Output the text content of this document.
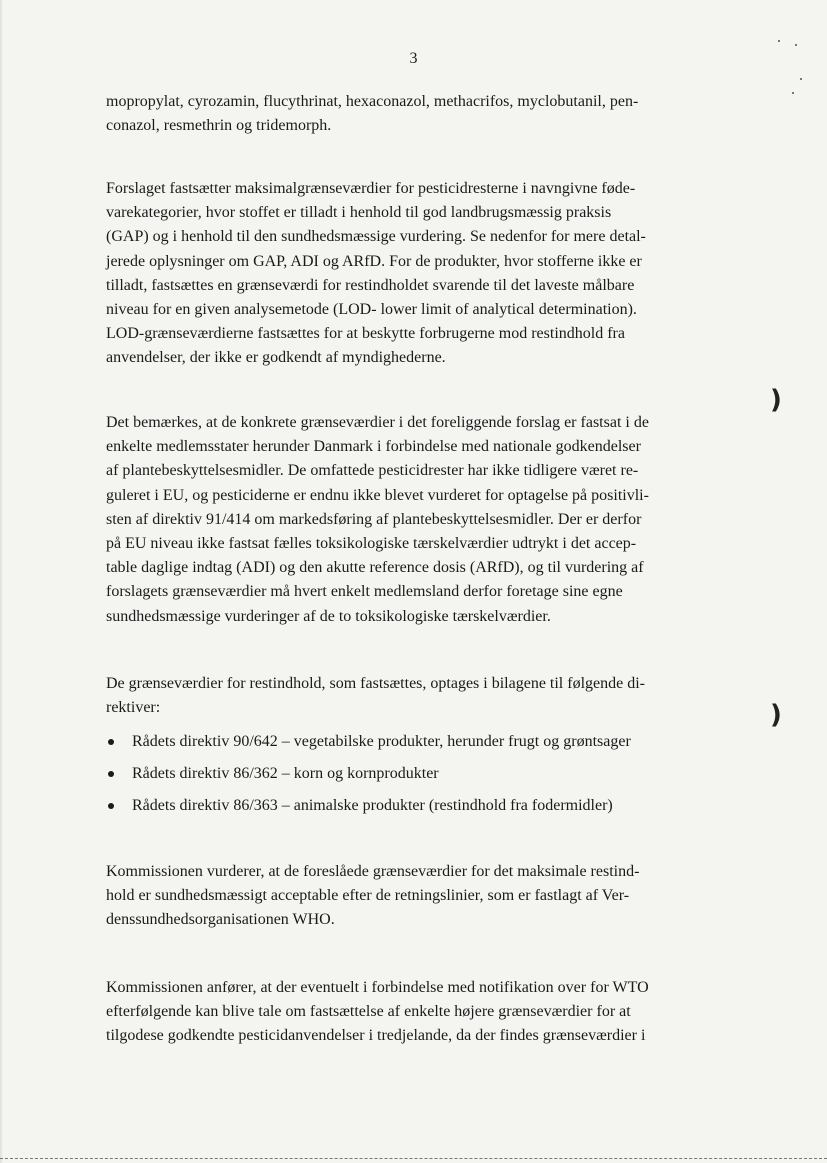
3

mopropylat, cyrozamin, flucythrinat, hexaconazol, methacrifos, myclobutanil, pen-
conazol, resmethrin og tridemorph.

Forslaget fastsætter maksimalgrænseværdier for pesticidresterne i navngivne føde-
varekategorier, hvor stoffet er tilladt i henhold til god landbrugsmæssig praksis
(GAP) og i henhold til den sundhedsmæssige vurdering. Se nedenfor for mere detal-
jerede oplysninger om GAP, ADI og ARfD. For de produkter, hvor stofferne ikke er
tilladt, fastsættes en grænseværdi for restindholdet svarende til det laveste målbare
niveau for en given analysemetode (LOD- lower limit of analytical determination).
LOD-grænseværdierne fastsættes for at beskytte forbrugerne mod restindhold fra
anvendelser, der ikke er godkendt af myndighederne.

Det bemærkes, at de konkrete grænseværdier i det foreliggende forslag er fastsat i de
enkelte medlemsstater herunder Danmark i forbindelse med nationale godkendelser
af plantebeskyttelsesmidler. De omfattede pesticidrester har ikke tidligere været re-
guleret i EU, og pesticiderne er endnu ikke blevet vurderet for optagelse på positivli-
sten af direktiv 91/414 om markedsføring af plantebeskyttelsesmidler. Der er derfor
på EU niveau ikke fastsat fælles toksikologiske tærskelværdier udtrykt i det accep-
table daglige indtag (ADI) og den akutte reference dosis (ARfD), og til vurdering af
forslagets grænseværdier må hvert enkelt medlemsland derfor foretage sine egne
sundhedsmæssige vurderinger af de to toksikologiske tærskelværdier.

De grænseværdier for restindhold, som fastsættes, optages i bilagene til følgende di-
rektiver:

Rådets direktiv 90/642 – vegetabilske produkter, herunder frugt og grøntsager
Rådets direktiv 86/362 – korn og kornprodukter
Rådets direktiv 86/363 – animalske produkter (restindhold fra fodermidler)

Kommissionen vurderer, at de foreslåede grænseværdier for det maksimale restind-
hold er sundhedsmæssigt acceptable efter de retningslinier, som er fastlagt af Ver-
denssundhedsorganisationen WHO.

Kommissionen anfører, at der eventuelt i forbindelse med notifikation over for WTO
efterfølgende kan blive tale om fastsættelse af enkelte højere grænseværdier for at
tilgodese godkendte pesticidanvendelser i tredjelande, da der findes grænseværdier i

)
)
